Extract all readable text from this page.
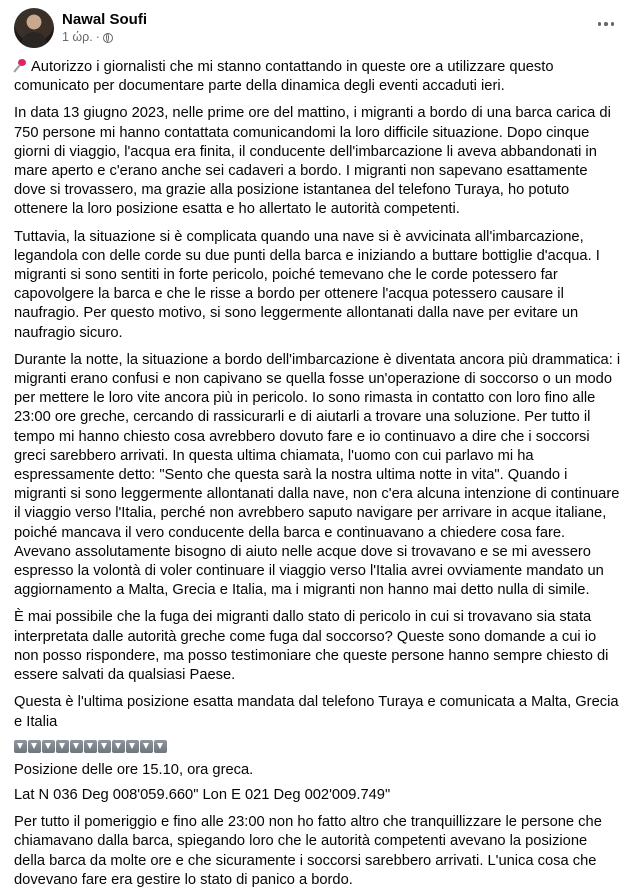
Nawal Soufi
1 ώρ. ·

Autorizzo i giornalisti che mi stanno contattando in queste ore a utilizzare questo comunicato per documentare parte della dinamica degli eventi accaduti ieri.

In data 13 giugno 2023, nelle prime ore del mattino, i migranti a bordo di una barca carica di 750 persone mi hanno contattata comunicandomi la loro difficile situazione. Dopo cinque giorni di viaggio, l'acqua era finita, il conducente dell'imbarcazione li aveva abbandonati in mare aperto e c'erano anche sei cadaveri a bordo. I migranti non sapevano esattamente dove si trovassero, ma grazie alla posizione istantanea del telefono Turaya, ho potuto ottenere la loro posizione esatta e ho allertato le autorità competenti.

Tuttavia, la situazione si è complicata quando una nave si è avvicinata all'imbarcazione, legandola con delle corde su due punti della barca e iniziando a buttare bottiglie d'acqua. I migranti si sono sentiti in forte pericolo, poiché temevano che le corde potessero far capovolgere la barca e che le risse a bordo per ottenere l'acqua potessero causare il naufragio. Per questo motivo, si sono leggermente allontanati dalla nave per evitare un naufragio sicuro.

Durante la notte, la situazione a bordo dell'imbarcazione è diventata ancora più drammatica: i migranti erano confusi e non capivano se quella fosse un'operazione di soccorso o un modo per mettere le loro vite ancora più in pericolo. Io sono rimasta in contatto con loro fino alle 23:00 ore greche, cercando di rassicurarli e di aiutarli a trovare una soluzione. Per tutto il tempo mi hanno chiesto cosa avrebbero dovuto fare e io continuavo a dire che i soccorsi greci sarebbero arrivati. In questa ultima chiamata, l'uomo con cui parlavo mi ha espressamente detto: "Sento che questa sarà la nostra ultima notte in vita". Quando i migranti si sono leggermente allontanati dalla nave, non c'era alcuna intenzione di continuare il viaggio verso l'Italia, perché non avrebbero saputo navigare per arrivare in acque italiane, poiché mancava il vero conducente della barca e continuavano a chiedere cosa fare. Avevano assolutamente bisogno di aiuto nelle acque dove si trovavano e se mi avessero espresso la volontà di voler continuare il viaggio verso l'Italia avrei ovviamente mandato un aggiornamento a Malta, Grecia e Italia, ma i migranti non hanno mai detto nulla di simile.

È mai possibile che la fuga dei migranti dallo stato di pericolo in cui si trovavano sia stata interpretata dalle autorità greche come fuga dal soccorso? Queste sono domande a cui io non posso rispondere, ma posso testimoniare che queste persone hanno sempre chiesto di essere salvati da qualsiasi Paese.

Questa è l'ultima posizione esatta mandata dal telefono Turaya e comunicata a Malta, Grecia e Italia

Posizione delle ore 15.10, ora greca.

Lat N 036 Deg 008'059.660" Lon E 021 Deg 002'009.749"

Per tutto il pomeriggio e fino alle 23:00 non ho fatto altro che tranquillizzare le persone che chiamavano dalla barca, spiegando loro che le autorità competenti avevano la posizione della barca da molte ore e che sicuramente i soccorsi sarebbero arrivati. L'unica cosa che dovevano fare era gestire lo stato di panico a bordo.
